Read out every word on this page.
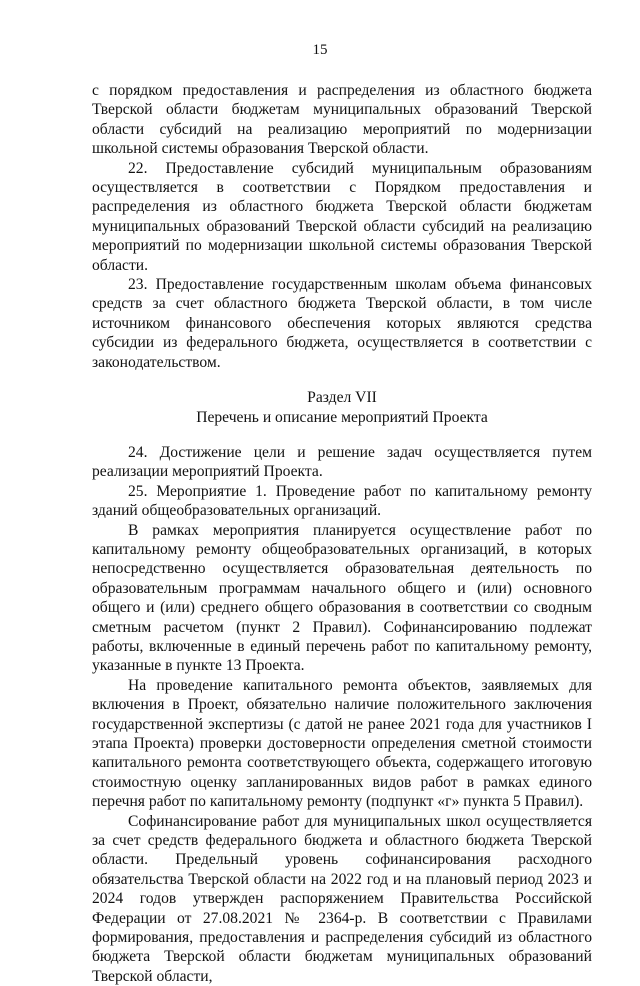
15

с порядком предоставления и распределения из областного бюджета Тверской области бюджетам муниципальных образований Тверской области субсидий на реализацию мероприятий по модернизации школьной системы образования Тверской области.

22. Предоставление субсидий муниципальным образованиям осуществляется в соответствии с Порядком предоставления и распределения из областного бюджета Тверской области бюджетам муниципальных образований Тверской области субсидий на реализацию мероприятий по модернизации школьной системы образования Тверской области.

23. Предоставление государственным школам объема финансовых средств за счет областного бюджета Тверской области, в том числе источником финансового обеспечения которых являются средства субсидии из федерального бюджета, осуществляется в соответствии с законодательством.

Раздел VII
Перечень и описание мероприятий Проекта

24. Достижение цели и решение задач осуществляется путем реализации мероприятий Проекта.

25. Мероприятие 1. Проведение работ по капитальному ремонту зданий общеобразовательных организаций.

В рамках мероприятия планируется осуществление работ по капитальному ремонту общеобразовательных организаций, в которых непосредственно осуществляется образовательная деятельность по образовательным программам начального общего и (или) основного общего и (или) среднего общего образования в соответствии со сводным сметным расчетом (пункт 2 Правил). Софинансированию подлежат работы, включенные в единый перечень работ по капитальному ремонту, указанные в пункте 13 Проекта.

На проведение капитального ремонта объектов, заявляемых для включения в Проект, обязательно наличие положительного заключения государственной экспертизы (с датой не ранее 2021 года для участников I этапа Проекта) проверки достоверности определения сметной стоимости капитального ремонта соответствующего объекта, содержащего итоговую стоимостную оценку запланированных видов работ в рамках единого перечня работ по капитальному ремонту (подпункт «г» пункта 5 Правил).

Софинансирование работ для муниципальных школ осуществляется за счет средств федерального бюджета и областного бюджета Тверской области. Предельный уровень софинансирования расходного обязательства Тверской области на 2022 год и на плановый период 2023 и 2024 годов утвержден распоряжением Правительства Российской Федерации от 27.08.2021 № 2364-р. В соответствии с Правилами формирования, предоставления и распределения субсидий из областного бюджета Тверской области бюджетам муниципальных образований Тверской области,
